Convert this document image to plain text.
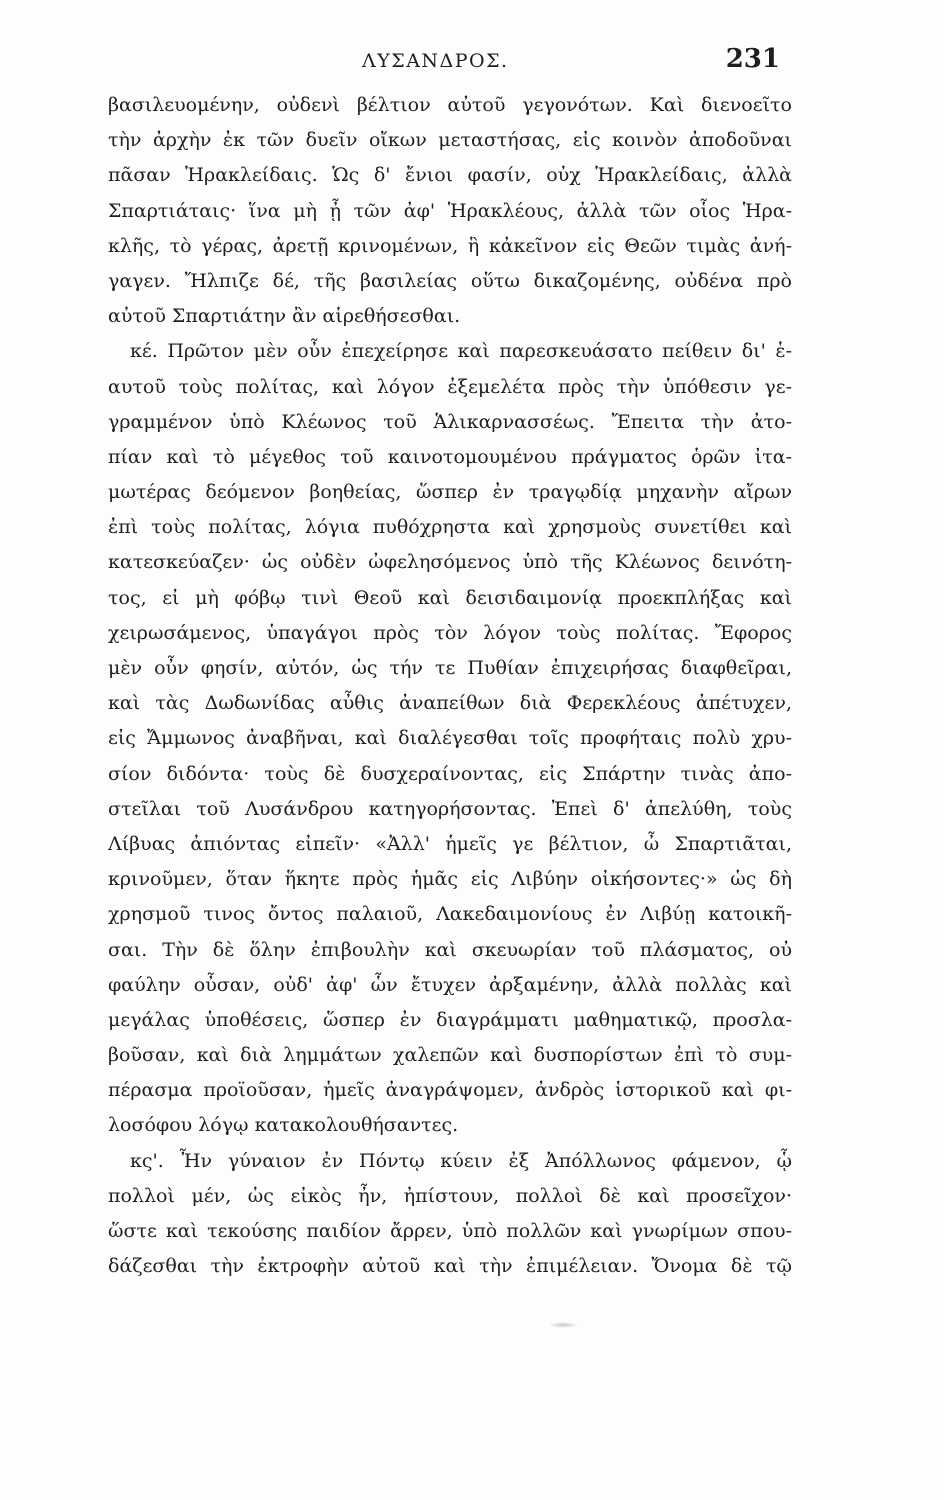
ΛΥΣΑΝΔΡΟΣ.	231
βασιλευομένην, οὐδενὶ βέλτιον αὐτοῦ γεγονότων. Καὶ διενοεῖτο
τὴν ἀρχὴν ἐκ τῶν δυεῖν οἴκων μεταστήσας, εἰς κοινὸν ἀποδοῦναι
πᾶσαν Ἡρακλείδαις. Ὡς δ' ἔνιοι φασίν, οὐχ Ἡρακλείδαις, ἀλλὰ
Σπαρτιάταις· ἵνα μὴ ᾖ τῶν ἀφ' Ἡρακλέους, ἀλλὰ τῶν οἷος Ἡρα-
κλῆς, τὸ γέρας, ἀρετῇ κρινομένων, ἣ κἀκεῖνον εἰς Θεῶν τιμὰς ἀνή-
γαγεν. Ἤλπιζε δέ, τῆς βασιλείας οὕτω δικαζομένης, οὐδένα πρὸ
αὐτοῦ Σπαρτιάτην ἂν αἱρεθήσεσθαι.
κέ. Πρῶτον μὲν οὖν ἐπεχείρησε καὶ παρεσκευάσατο πείθειν δι' ἑ-
αυτοῦ τοὺς πολίτας, καὶ λόγον ἐξεμελέτα πρὸς τὴν ὑπόθεσιν γε-
γραμμένον ὑπὸ Κλέωνος τοῦ Ἁλικαρνασσέως. Ἔπειτα τὴν ἀτο-
πίαν καὶ τὸ μέγεθος τοῦ καινοτομουμένου πράγματος ὁρῶν ἰτα-
μωτέρας δεόμενον βοηθείας, ὥσπερ ἐν τραγῳδίᾳ μηχανὴν αἴρων
ἐπὶ τοὺς πολίτας, λόγια πυθόχρηστα καὶ χρησμοὺς συνετίθει καὶ
κατεσκεύαζεν· ὡς οὐδὲν ὠφελησόμενος ὑπὸ τῆς Κλέωνος δεινότη-
τος, εἰ μὴ φόβῳ τινὶ Θεοῦ καὶ δεισιδαιμονίᾳ προεκπλήξας καὶ
χειρωσάμενος, ὑπαγάγοι πρὸς τὸν λόγον τοὺς πολίτας. Ἔφορος
μὲν οὖν φησίν, αὐτόν, ὡς τήν τε Πυθίαν ἐπιχειρήσας διαφθεῖραι,
καὶ τὰς Δωδωνίδας αὖθις ἀναπείθων διὰ Φερεκλέους ἀπέτυχεν,
εἰς Ἄμμωνος ἀναβῆναι, καὶ διαλέγεσθαι τοῖς προφήταις πολὺ χρυ-
σίον διδόντα· τοὺς δὲ δυσχεραίνοντας, εἰς Σπάρτην τινὰς ἀπο-
στεῖλαι τοῦ Λυσάνδρου κατηγορήσοντας. Ἐπεὶ δ' ἀπελύθη, τοὺς
Λίβυας ἀπιόντας εἰπεῖν· «Ἀλλ' ἡμεῖς γε βέλτιον, ὦ Σπαρτιᾶται,
κρινοῦμεν, ὅταν ἥκητε πρὸς ἡμᾶς εἰς Λιβύην οἰκήσοντες·» ὡς δὴ
χρησμοῦ τινος ὄντος παλαιοῦ, Λακεδαιμονίους ἐν Λιβύῃ κατοικῆ-
σαι. Τὴν δὲ ὅλην ἐπιβουλὴν καὶ σκευωρίαν τοῦ πλάσματος, οὐ
φαύλην οὖσαν, οὐδ' ἀφ' ὧν ἔτυχεν ἀρξαμένην, ἀλλὰ πολλὰς καὶ
μεγάλας ὑποθέσεις, ὥσπερ ἐν διαγράμματι μαθηματικῷ, προσλα-
βοῦσαν, καὶ διὰ λημμάτων χαλεπῶν καὶ δυσπορίστων ἐπὶ τὸ συμ-
πέρασμα προϊοῦσαν, ἡμεῖς ἀναγράψομεν, ἀνδρὸς ἱστορικοῦ καὶ φι-
λοσόφου λόγῳ κατακολουθήσαντες.
κς'. Ἦν γύναιον ἐν Πόντῳ κύειν ἐξ Ἀπόλλωνος φάμενον, ᾧ
πολλοὶ μέν, ὡς εἰκὸς ἦν, ἠπίστουν, πολλοὶ δὲ καὶ προσεῖχον·
ὥστε καὶ τεκούσης παιδίον ἄρρεν, ὑπὸ πολλῶν καὶ γνωρίμων σπου-
δάζεσθαι τὴν ἐκτροφὴν αὐτοῦ καὶ τὴν ἐπιμέλειαν. Ὄνομα δὲ τῷ
